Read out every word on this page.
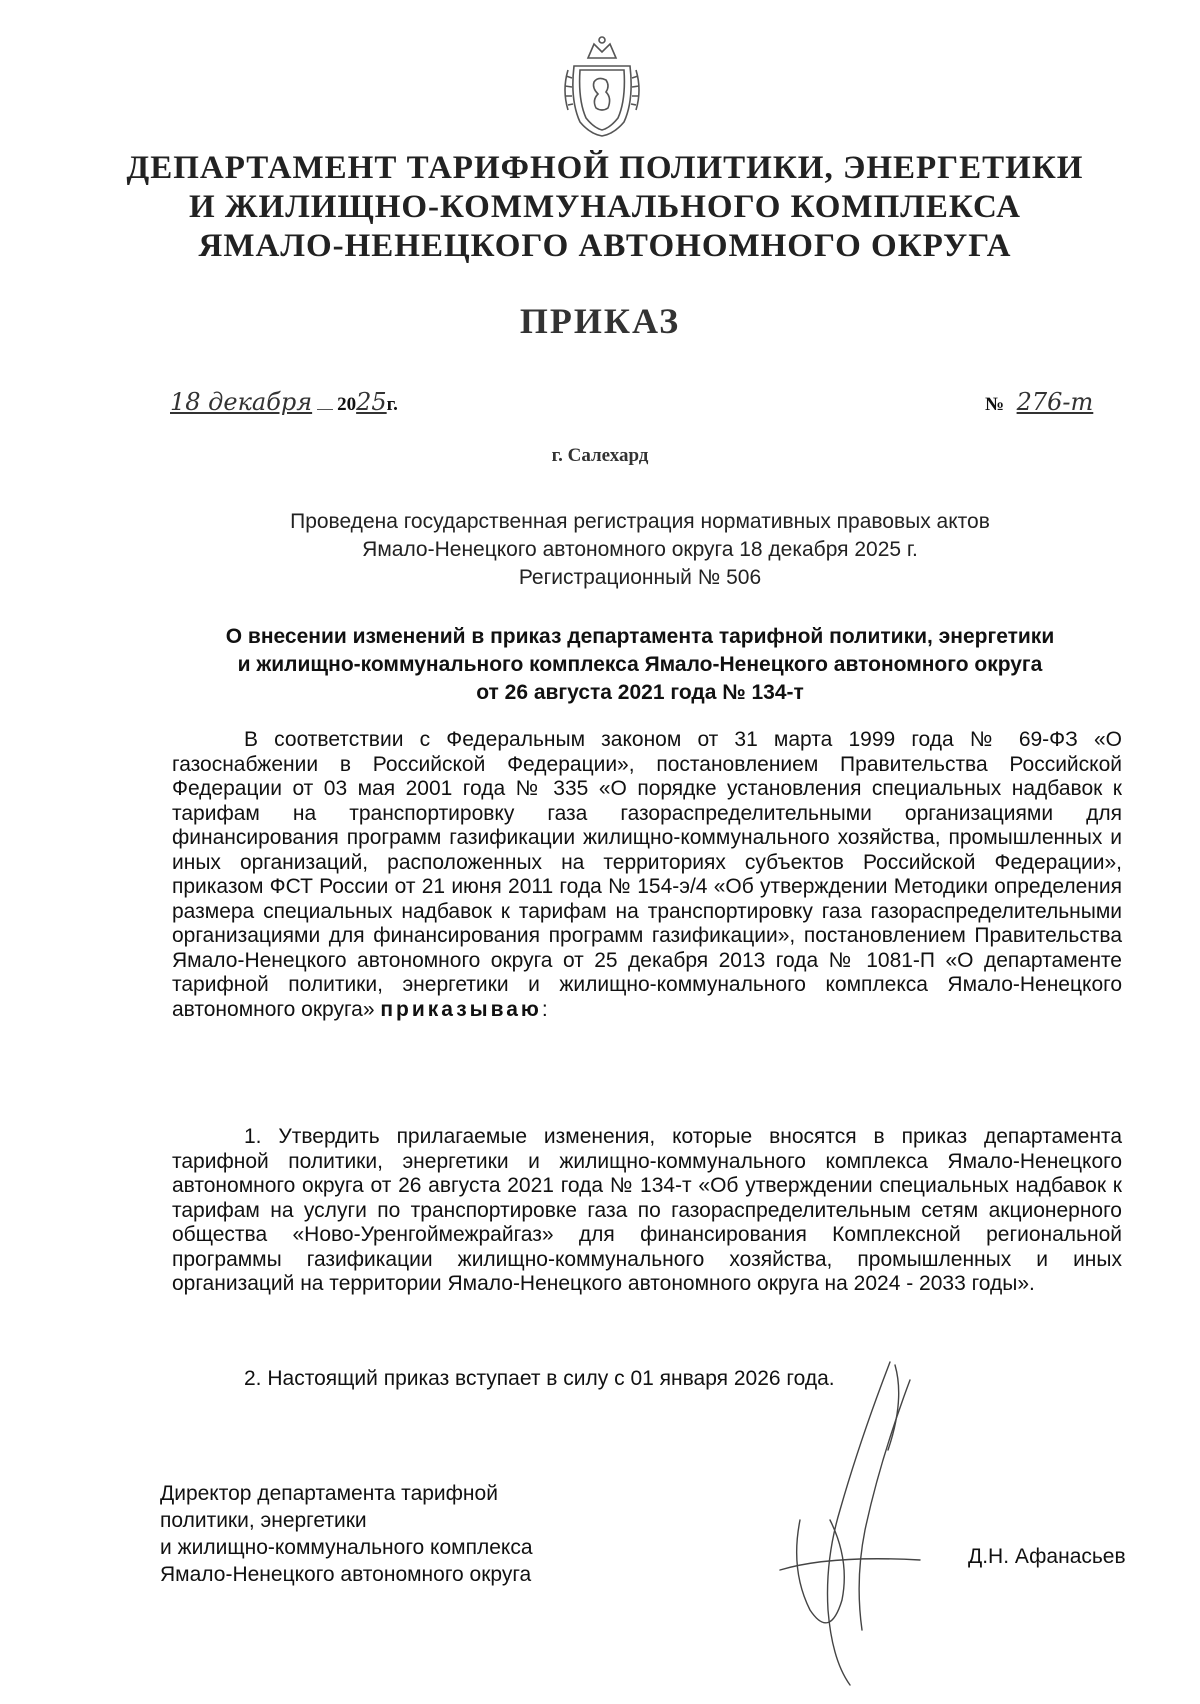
ДЕПАРТАМЕНТ ТАРИФНОЙ ПОЛИТИКИ, ЭНЕРГЕТИКИ
И ЖИЛИЩНО-КОММУНАЛЬНОГО КОМПЛЕКСА
ЯМАЛО-НЕНЕЦКОГО АВТОНОМНОГО ОКРУГА
ПРИКАЗ
18 декабря 2025г.	№ 276-т
г. Салехард
Проведена государственная регистрация нормативных правовых актов
Ямало-Ненецкого автономного округа 18 декабря 2025 г.
Регистрационный № 506
О внесении изменений в приказ департамента тарифной политики, энергетики
и жилищно-коммунального комплекса Ямало-Ненецкого автономного округа
от 26 августа 2021 года № 134-т
В соответствии с Федеральным законом от 31 марта 1999 года № 69-ФЗ «О газоснабжении в Российской Федерации», постановлением Правительства Российской Федерации от 03 мая 2001 года № 335 «О порядке установления специальных надбавок к тарифам на транспортировку газа газораспределительными организациями для финансирования программ газификации жилищно-коммунального хозяйства, промышленных и иных организаций, расположенных на территориях субъектов Российской Федерации», приказом ФСТ России от 21 июня 2011 года № 154-э/4 «Об утверждении Методики определения размера специальных надбавок к тарифам на транспортировку газа газораспределительными организациями для финансирования программ газификации», постановлением Правительства Ямало-Ненецкого автономного округа от 25 декабря 2013 года № 1081-П «О департаменте тарифной политики, энергетики и жилищно-коммунального комплекса Ямало-Ненецкого автономного округа» приказываю:
1. Утвердить прилагаемые изменения, которые вносятся в приказ департамента тарифной политики, энергетики и жилищно-коммунального комплекса Ямало-Ненецкого автономного округа от 26 августа 2021 года № 134-т «Об утверждении специальных надбавок к тарифам на услуги по транспортировке газа по газораспределительным сетям акционерного общества «Ново-Уренгоймежрайгаз» для финансирования Комплексной региональной программы газификации жилищно-коммунального хозяйства, промышленных и иных организаций на территории Ямало-Ненецкого автономного округа на 2024 - 2033 годы».
2. Настоящий приказ вступает в силу с 01 января 2026 года.
Директор департамента тарифной
политики, энергетики
и жилищно-коммунального комплекса
Ямало-Ненецкого автономного округа
Д.Н. Афанасьев
